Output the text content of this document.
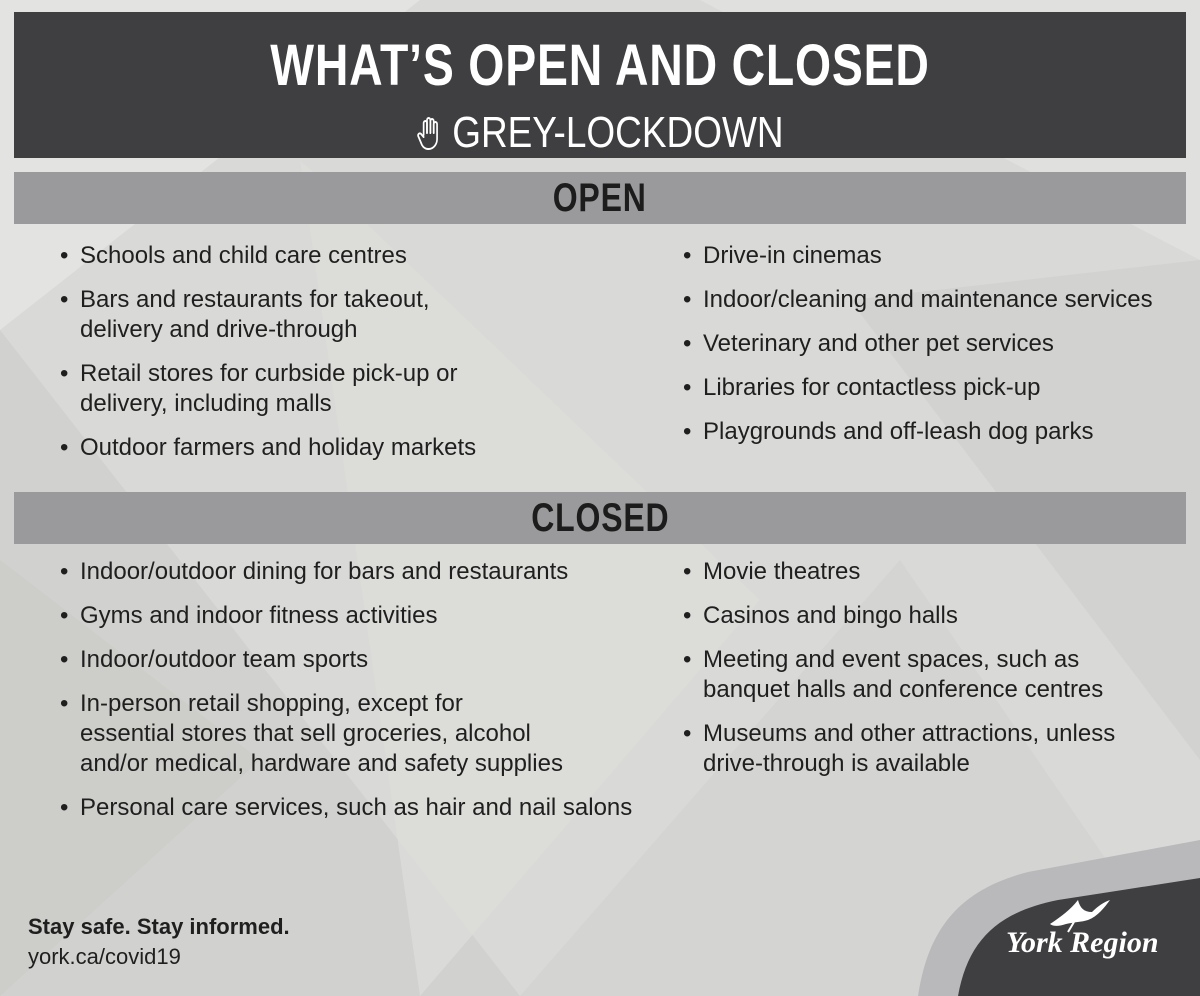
WHAT’S OPEN AND CLOSED
GREY-LOCKDOWN
OPEN
• Schools and child care centres
• Bars and restaurants for takeout,
delivery and drive-through
• Retail stores for curbside pick-up or
delivery, including malls
• Outdoor farmers and holiday markets
• Drive-in cinemas
• Indoor/cleaning and maintenance services
• Veterinary and other pet services
• Libraries for contactless pick-up
• Playgrounds and off-leash dog parks
CLOSED
• Indoor/outdoor dining for bars and restaurants
• Gyms and indoor fitness activities
• Indoor/outdoor team sports
• In-person retail shopping, except for
essential stores that sell groceries, alcohol
and/or medical, hardware and safety supplies
• Personal care services, such as hair and nail salons
• Movie theatres
• Casinos and bingo halls
• Meeting and event spaces, such as
banquet halls and conference centres
• Museums and other attractions, unless
drive-through is available
Stay safe. Stay informed.
york.ca/covid19	York Region
